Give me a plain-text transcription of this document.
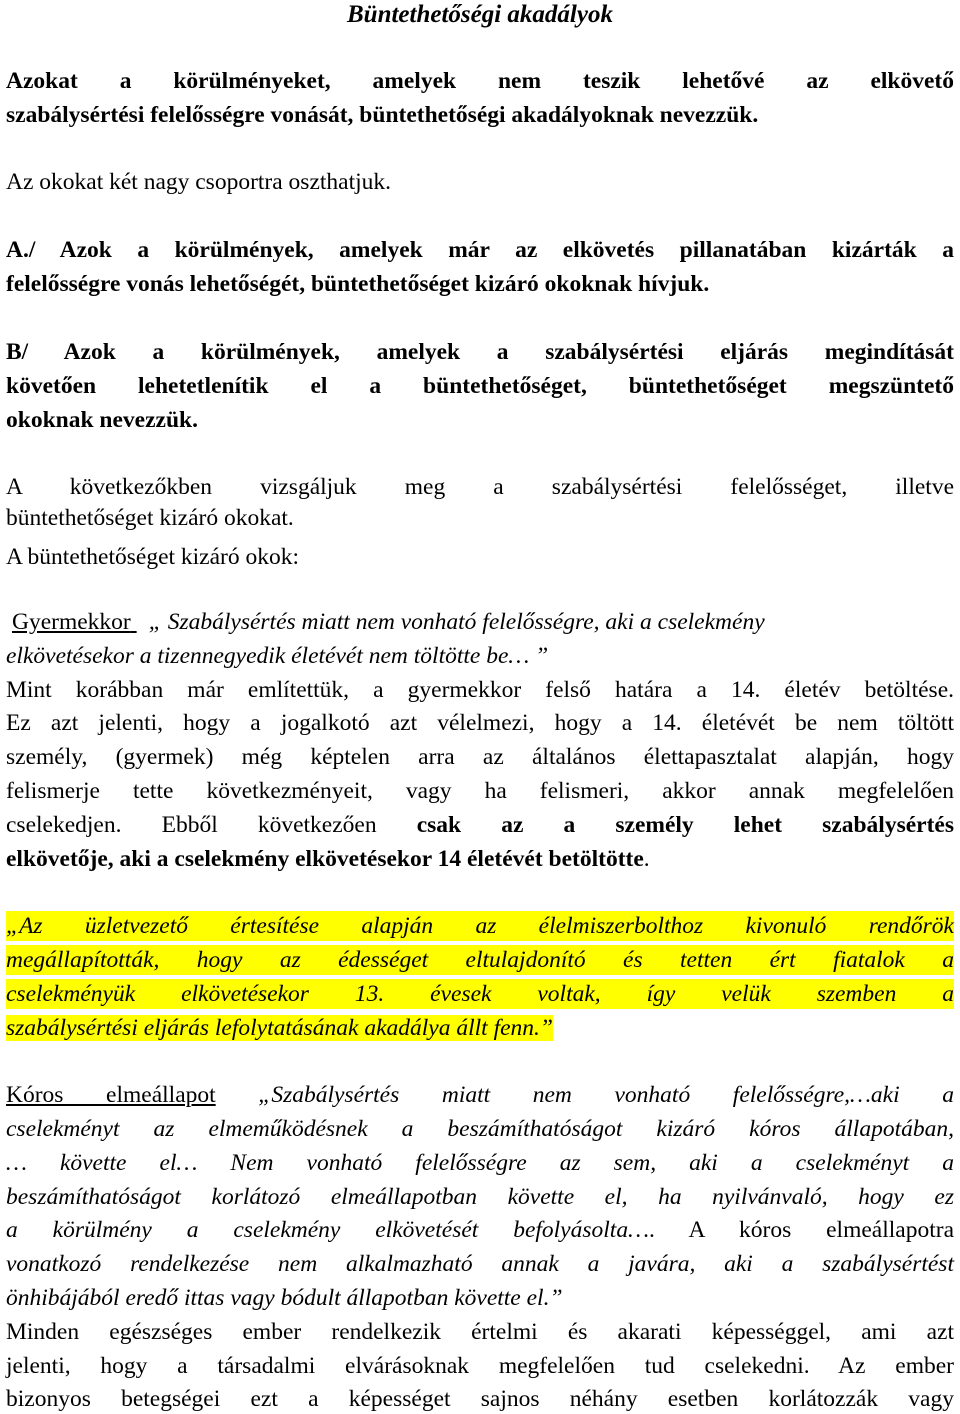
Büntethetőségi akadályok
Azokat a körülményeket, amelyek nem teszik lehetővé az elkövető
szabálysértési felelősségre vonását, büntethetőségi akadályoknak nevezzük.
Az okokat két nagy csoportra oszthatjuk.
A./ Azok a körülmények, amelyek már az elkövetés pillanatában kizárták a
felelősségre vonás lehetőségét, büntethetőséget kizáró okoknak hívjuk.
B/ Azok a körülmények, amelyek a szabálysértési eljárás megindítását
követően lehetetlenítik el a büntethetőséget, büntethetőséget megszüntető
okoknak nevezzük.
A következőkben vizsgáljuk meg a szabálysértési felelősséget, illetve
büntethetőséget kizáró okokat.
A büntethetőséget kizáró okok:
Gyermekkor „ Szabálysértés miatt nem vonható felelősségre, aki a cselekmény
elkövetésekor a tizennegyedik életévét nem töltötte be… ”
Mint korábban már említettük, a gyermekkor felső határa a 14. életév betöltése.
Ez azt jelenti, hogy a jogalkotó azt vélelmezi, hogy a 14. életévét be nem töltött
személy, (gyermek) még képtelen arra az általános élettapasztalat alapján, hogy
felismerje tette következményeit, vagy ha felismeri, akkor annak megfelelően
cselekedjen. Ebből következően csak az a személy lehet szabálysértés
elkövetője, aki a cselekmény elkövetésekor 14 életévét betöltötte.
„Az üzletvezető értesítése alapján az élelmiszerbolthoz kivonuló rendőrök
megállapították, hogy az édességet eltulajdonító és tetten ért fiatalok a
cselekményük elkövetésekor 13. évesek voltak, így velük szemben a
szabálysértési eljárás lefolytatásának akadálya állt fenn.”
Kóros elmeállapot „Szabálysértés miatt nem vonható felelősségre,…aki a
cselekményt az elmeműködésnek a beszámíthatóságot kizáró kóros állapotában,
… követte el… Nem vonható felelősségre az sem, aki a cselekményt a
beszámíthatóságot korlátozó elmeállapotban követte el, ha nyilvánvaló, hogy ez
a körülmény a cselekmény elkövetését befolyásolta…. A kóros elmeállapotra
vonatkozó rendelkezése nem alkalmazható annak a javára, aki a szabálysértést
önhibájából eredő ittas vagy bódult állapotban követte el.”
Minden egészséges ember rendelkezik értelmi és akarati képességgel, ami azt
jelenti, hogy a társadalmi elvárásoknak megfelelően tud cselekedni. Az ember
bizonyos betegségei ezt a képességet sajnos néhány esetben korlátozzák vagy
